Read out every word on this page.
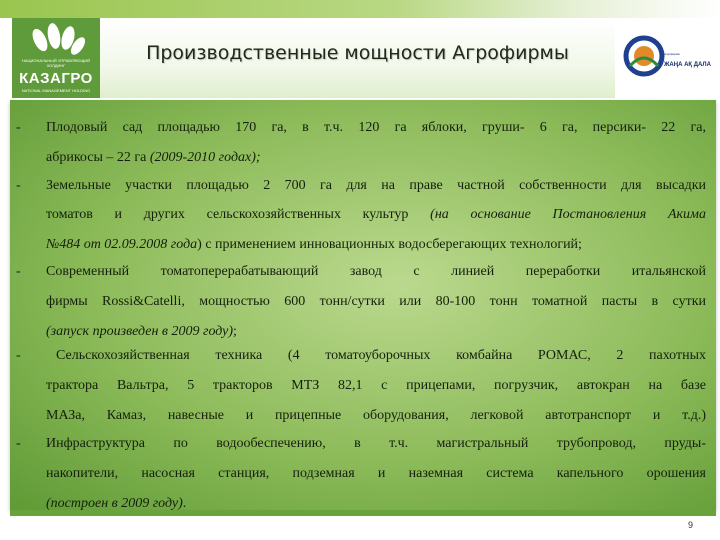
НАЦИОНАЛЬНЫЙ УПРАВЛЯЮЩИЙ ХОЛДИНГ
КАЗАГРО
NATIONAL MANAGEMENT HOLDING
Производственные мощности Агрофирмы	агрофирма
ЖАҢА АҚ ДАЛА
- Плодовый сад площадью 170 га, в т.ч. 120 га яблоки, груши- 6 га, персики- 22 га,
абрикосы – 22 га (2009-2010 годах);
- Земельные участки площадью 2 700 га для на праве частной собственности для высадки
томатов и других сельскохозяйственных культур (на основание Постановления Акима
№484 от 02.09.2008 года) с применением инновационных водосберегающих технологий;
- Современный томатоперерабатывающий завод с линией переработки итальянской
фирмы Rossi&Catelli, мощностью 600 тонн/сутки или 80-100 тонн томатной пасты в сутки
(запуск произведен в 2009 году);
-	Сельскохозяйственная техника (4 томатоуборочных комбайна РОМАС, 2 пахотных
трактора Вальтра, 5 тракторов МТЗ 82,1 с прицепами, погрузчик, автокран на базе
МАЗа, Камаз, навесные и прицепные оборудования, легковой автотранспорт и т.д.)
- Инфраструктура по водообеспечению, в т.ч. магистральный трубопровод, пруды-
накопители, насосная станция, подземная и наземная система капельного орошения
(построен в 2009 году).
9
